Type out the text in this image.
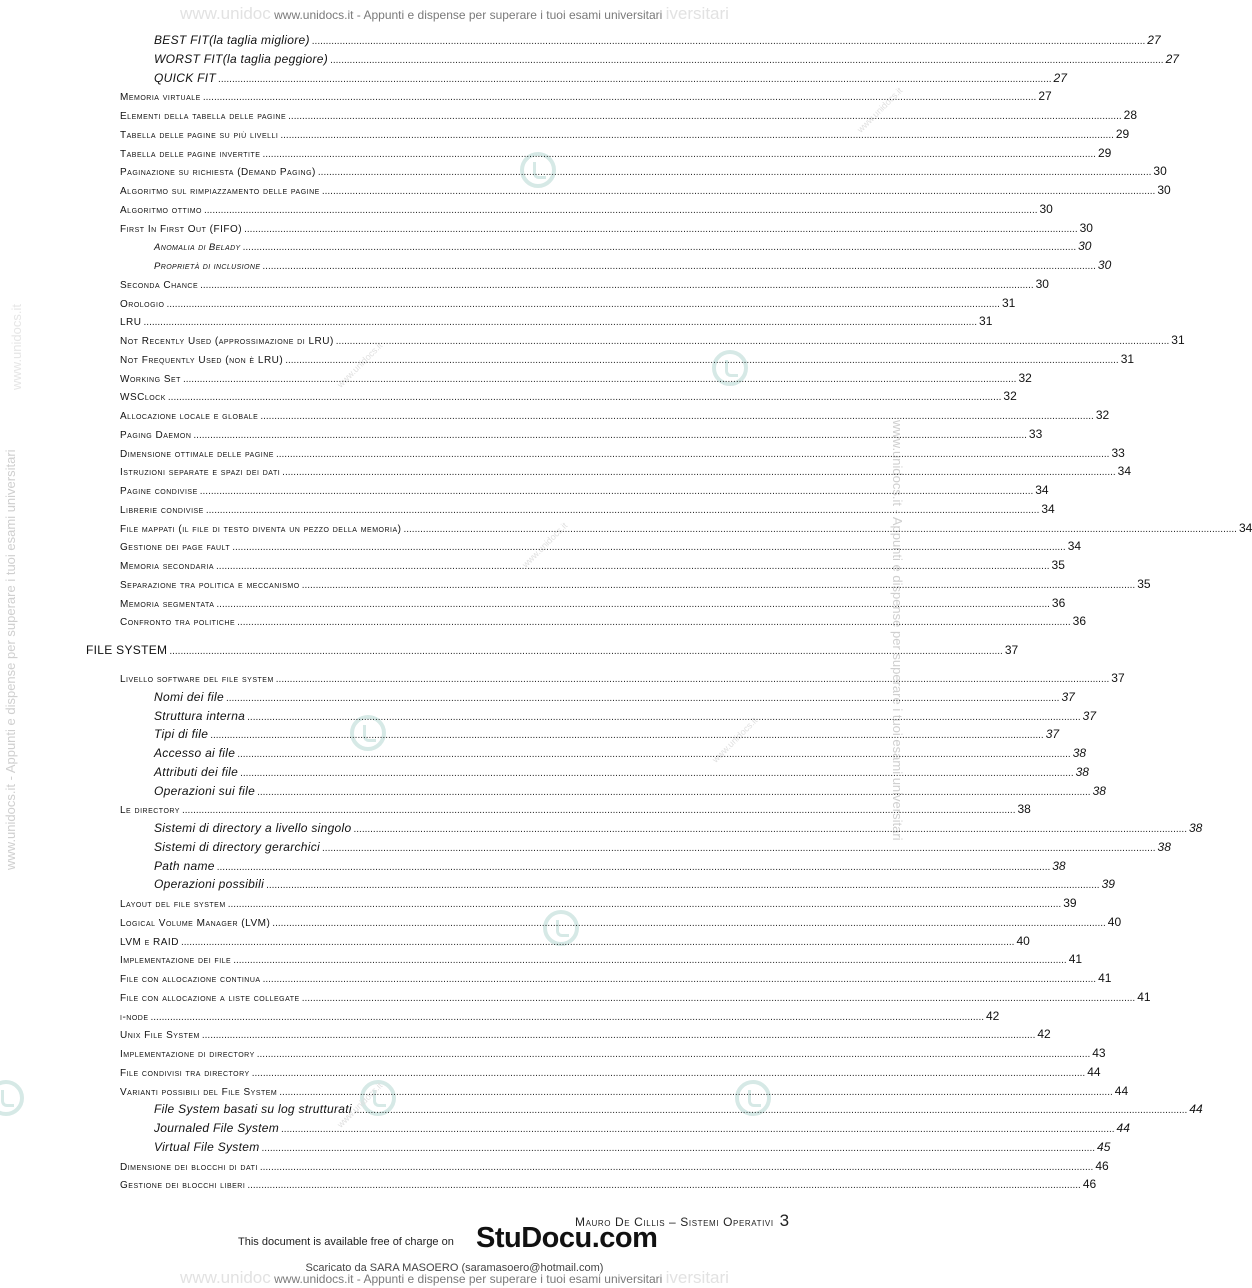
www.unidoc www.unidocs.it - Appunti e dispense per superare i tuoi esami universitari iversitari
www.unidocs.it - Appunti e dispense per superare i tuoi esami universitari
www.unidocs.it
www.unidocs.it - Appunti e dispense per superare i tuoi esami universitari
www.unidocs.it
www.unidocs.it
www.unidocs.it
www.unidocs.it
www.unidocs.it
BEST FIT(la taglia migliore) ............................................................................................................................................................................................................................................................................................................ 27
WORST FIT(la taglia peggiore) ............................................................................................................................................................................................................................................................................................................ 27
QUICK FIT ............................................................................................................................................................................................................................................................................................................ 27
Memoria virtuale ............................................................................................................................................................................................................................................................................................................ 27
Elementi della tabella delle pagine ............................................................................................................................................................................................................................................................................................................ 28
Tabella delle pagine su più livelli ............................................................................................................................................................................................................................................................................................................ 29
Tabella delle pagine invertite ............................................................................................................................................................................................................................................................................................................ 29
Paginazione su richiesta (Demand Paging) ............................................................................................................................................................................................................................................................................................................ 30
Algoritmo sul rimpiazzamento delle pagine ............................................................................................................................................................................................................................................................................................................ 30
Algoritmo ottimo ............................................................................................................................................................................................................................................................................................................ 30
First In First Out (FIFO) ............................................................................................................................................................................................................................................................................................................ 30
Anomalia di Belady ............................................................................................................................................................................................................................................................................................................ 30
Proprietà di inclusione ............................................................................................................................................................................................................................................................................................................ 30
Seconda Chance ............................................................................................................................................................................................................................................................................................................ 30
Orologio ............................................................................................................................................................................................................................................................................................................ 31
LRU ............................................................................................................................................................................................................................................................................................................ 31
Not Recently Used (approssimazione di LRU) ............................................................................................................................................................................................................................................................................................................ 31
Not Frequently Used (non è LRU) ............................................................................................................................................................................................................................................................................................................ 31
Working Set ............................................................................................................................................................................................................................................................................................................ 32
WSClock ............................................................................................................................................................................................................................................................................................................ 32
Allocazione locale e globale ............................................................................................................................................................................................................................................................................................................ 32
Paging Daemon ............................................................................................................................................................................................................................................................................................................ 33
Dimensione ottimale delle pagine ............................................................................................................................................................................................................................................................................................................ 33
Istruzioni separate e spazi dei dati ............................................................................................................................................................................................................................................................................................................ 34
Pagine condivise ............................................................................................................................................................................................................................................................................................................ 34
Librerie condivise ............................................................................................................................................................................................................................................................................................................ 34
File mappati (il file di testo diventa un pezzo della memoria) ............................................................................................................................................................................................................................................................................................................ 34
Gestione dei page fault ............................................................................................................................................................................................................................................................................................................ 34
Memoria secondaria ............................................................................................................................................................................................................................................................................................................ 35
Separazione tra politica e meccanismo ............................................................................................................................................................................................................................................................................................................ 35
Memoria segmentata ............................................................................................................................................................................................................................................................................................................ 36
Confronto tra politiche ............................................................................................................................................................................................................................................................................................................ 36
FILE SYSTEM ............................................................................................................................................................................................................................................................................................................ 37
Livello software del file system ............................................................................................................................................................................................................................................................................................................ 37
Nomi dei file ............................................................................................................................................................................................................................................................................................................ 37
Struttura interna ............................................................................................................................................................................................................................................................................................................ 37
Tipi di file ............................................................................................................................................................................................................................................................................................................ 37
Accesso ai file ............................................................................................................................................................................................................................................................................................................ 38
Attributi dei file ............................................................................................................................................................................................................................................................................................................ 38
Operazioni sui file ............................................................................................................................................................................................................................................................................................................ 38
Le directory ............................................................................................................................................................................................................................................................................................................ 38
Sistemi di directory a livello singolo ............................................................................................................................................................................................................................................................................................................ 38
Sistemi di directory gerarchici ............................................................................................................................................................................................................................................................................................................ 38
Path name ............................................................................................................................................................................................................................................................................................................ 38
Operazioni possibili ............................................................................................................................................................................................................................................................................................................ 39
Layout del file system ............................................................................................................................................................................................................................................................................................................ 39
Logical Volume Manager (LVM) ............................................................................................................................................................................................................................................................................................................ 40
LVM e RAID ............................................................................................................................................................................................................................................................................................................ 40
Implementazione dei file ............................................................................................................................................................................................................................................................................................................ 41
File con allocazione continua ............................................................................................................................................................................................................................................................................................................ 41
File con allocazione a liste collegate ............................................................................................................................................................................................................................................................................................................ 41
i-node ............................................................................................................................................................................................................................................................................................................ 42
Unix File System ............................................................................................................................................................................................................................................................................................................ 42
Implementazione di directory ............................................................................................................................................................................................................................................................................................................ 43
File condivisi tra directory ............................................................................................................................................................................................................................................................................................................ 44
Varianti possibili del File System ............................................................................................................................................................................................................................................................................................................ 44
File System basati su log strutturati ............................................................................................................................................................................................................................................................................................................ 44
Journaled File System ............................................................................................................................................................................................................................................................................................................ 44
Virtual File System ............................................................................................................................................................................................................................................................................................................ 45
Dimensione dei blocchi di dati ............................................................................................................................................................................................................................................................................................................ 46
Gestione dei blocchi liberi ............................................................................................................................................................................................................................................................................................................ 46
Mauro De Cillis – Sistemi Operativi 3
This document is available free of charge on StuDocu.com
Scaricato da SARA MASOERO (saramasoero@hotmail.com)
www.unidoc www.unidocs.it - Appunti e dispense per superare i tuoi esami universitari iversitari
